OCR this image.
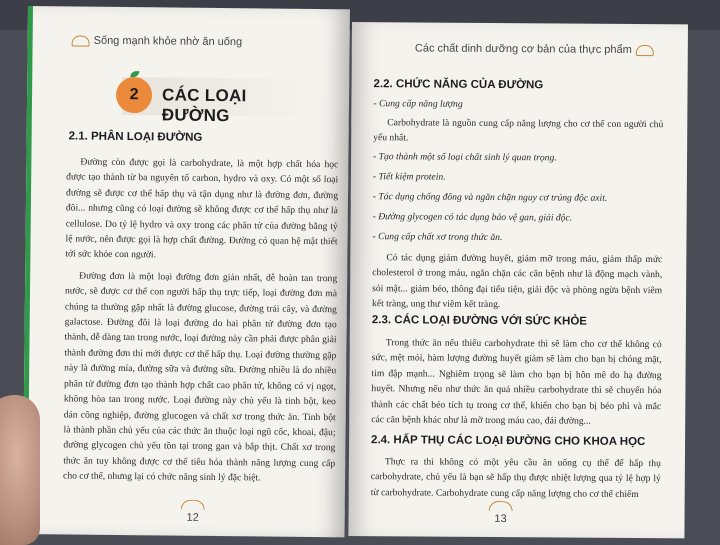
Sống mạnh khỏe nhờ ăn uống
2	CÁC LOẠI ĐƯỜNG
2.1. PHÂN LOẠI ĐƯỜNG

Đường còn được gọi là carbohydrate, là một hợp chất hóa học được tạo thành từ ba nguyên tố carbon, hydro và oxy. Có một số loại đường sẽ được cơ thể hấp thụ và tận dụng như là đường đơn, đường đôi... nhưng cũng có loại đường sẽ không được cơ thể hấp thụ như là cellulose. Do tỷ lệ hydro và oxy trong các phân tử của đường bằng tỷ lệ nước, nên được gọi là hợp chất đường. Đường có quan hệ mật thiết tới sức khỏe con người.

Đường đơn là một loại đường đơn giản nhất, dễ hoàn tan trong nước, sẽ được cơ thể con người hấp thụ trực tiếp, loại đường đơn mà chúng ta thường gặp nhất là đường glucose, đường trái cây, và đường galactose. Đường đôi là loại đường do hai phân tử đường đơn tạo thành, dễ dàng tan trong nước, loại đường này cần phải được phân giải thành đường đơn thì mới được cơ thể hấp thụ. Loại đường thường gặp này là đường mía, đường sữa và đường sữa. Đường nhiều là do nhiều phân tử đường đơn tạo thành hợp chất cao phân tử, không có vị ngọt, không hòa tan trong nước. Loại đường này chủ yếu là tinh bột, keo dán công nghiệp, đường glucogen và chất xơ trong thức ăn. Tinh bột là thành phần chủ yếu của các thức ăn thuộc loại ngũ cốc, khoai, đậu; đường glycogen chủ yếu tồn tại trong gan và bắp thịt. Chất xơ trong thức ăn tuy không được cơ thể tiêu hóa thành năng lượng cung cấp cho cơ thể, nhưng lại có chức năng sinh lý đặc biệt.

12
Các chất dinh dưỡng cơ bản của thực phẩm
2.2. CHỨC NĂNG CỦA ĐƯỜNG
- Cung cấp năng lượng

Carbohydrate là nguồn cung cấp năng lượng cho cơ thể con người chủ yếu nhất.

- Tạo thành một số loại chất sinh lý quan trọng.
- Tiết kiệm protein.
- Tác dụng chống đông và ngăn chặn nguy cơ trúng độc axit.
- Đường glycogen có tác dụng bảo vệ gan, giải độc.
- Cung cấp chất xơ trong thức ăn.

Có tác dụng giảm đường huyết, giảm mỡ trong máu, giảm thấp mức cholesterol ở trong máu, ngăn chặn các căn bệnh như là động mạch vành, sỏi mật... giảm béo, thông đại tiểu tiện, giải độc và phòng ngừa bệnh viêm kết tràng, ung thư viêm kết tràng.

2.3. CÁC LOẠI ĐƯỜNG VỚI SỨC KHỎE

Trong thức ăn nếu thiếu carbohydrate thì sẽ làm cho cơ thể không có sức, mệt mỏi, hàm lượng đường huyết giảm sẽ làm cho bạn bị chóng mặt, tim đập mạnh... Nghiêm trọng sẽ làm cho bạn bị hôn mê do hạ đường huyết. Nhưng nếu như thức ăn quá nhiều carbohydrate thì sẽ chuyển hóa thành các chất béo tích tụ trong cơ thể, khiến cho bạn bị béo phì và mắc các căn bệnh khác như là mỡ trong máu cao, đái đường...

2.4. HẤP THỤ CÁC LOẠI ĐƯỜNG CHO KHOA HỌC

Thực ra thì không có một yêu cầu ăn uống cụ thể để hấp thụ carbohydrate, chủ yếu là bạn sẽ hấp thụ được nhiệt lượng qua tỷ lệ hợp lý từ carbohydrate. Carbohydrate cung cấp năng lượng cho cơ thể chiếm

13
